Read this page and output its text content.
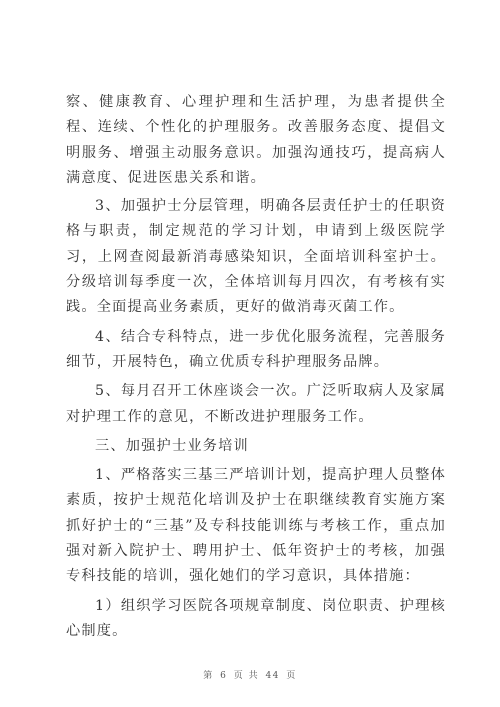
察、健康教育、心理护理和生活护理，为患者提供全程、连续、个性化的护理服务。改善服务态度、提倡文明服务、增强主动服务意识。加强沟通技巧，提高病人满意度、促进医患关系和谐。

3、加强护士分层管理，明确各层责任护士的任职资格与职责，制定规范的学习计划，申请到上级医院学习，上网查阅最新消毒感染知识，全面培训科室护士。分级培训每季度一次，全体培训每月四次，有考核有实践。全面提高业务素质，更好的做消毒灭菌工作。

4、结合专科特点，进一步优化服务流程，完善服务细节，开展特色，确立优质专科护理服务品牌。

5、每月召开工休座谈会一次。广泛听取病人及家属对护理工作的意见，不断改进护理服务工作。

三、加强护士业务培训

1、严格落实三基三严培训计划，提高护理人员整体素质，按护士规范化培训及护士在职继续教育实施方案抓好护士的“三基”及专科技能训练与考核工作，重点加强对新入院护士、聘用护士、低年资护士的考核，加强专科技能的培训，强化她们的学习意识，具体措施：

1）组织学习医院各项规章制度、岗位职责、护理核心制度。

第 6 页 共 44 页
